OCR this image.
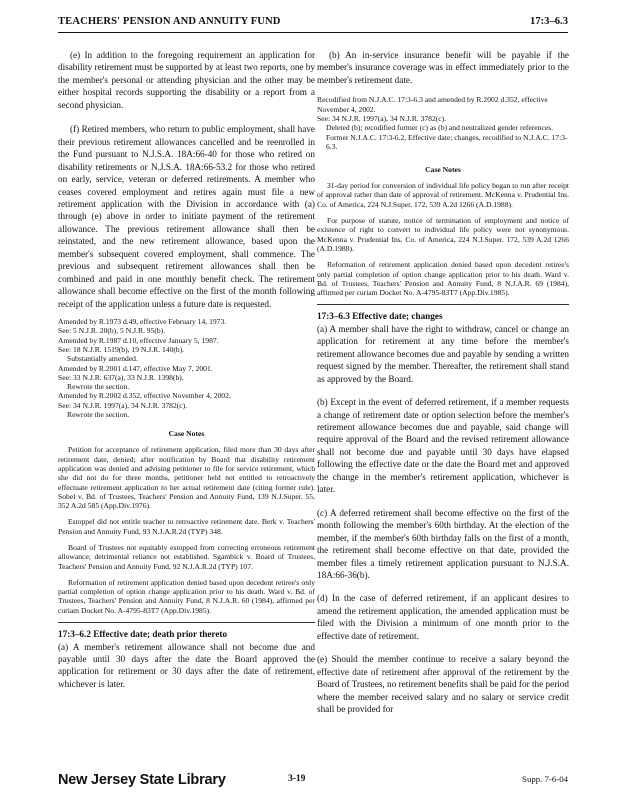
TEACHERS' PENSION AND ANNUITY FUND	17:3–6.3

(e) In addition to the foregoing requirement an application for disability retirement must be supported by at least two reports, one by the member's personal or attending physician and the other may be either hospital records supporting the disability or a report from a second physician.

(f) Retired members, who return to public employment, shall have their previous retirement allowances cancelled and be reenrolled in the Fund pursuant to N.J.S.A. 18A:66-40 for those who retired on disability retirements or N.J.S.A. 18A:66-53.2 for those who retired on early, service, veteran or deferred retirements. A member who ceases covered employment and retires again must file a new retirement application with the Division in accordance with (a) through (e) above in order to initiate payment of the retirement allowance. The previous retirement allowance shall then be reinstated, and the new retirement allowance, based upon the member's subsequent covered employment, shall commence. The previous and subsequent retirement allowances shall then be combined and paid in one monthly benefit check. The retirement allowance shall become effective on the first of the month following receipt of the application unless a future date is requested.

Amended by R.1973 d.49, effective February 14, 1973.
See: 5 N.J.R. 20(b), 5 N.J.R. 95(b).
Amended by R.1987 d.10, effective January 5, 1987.
See: 18 N.J.R. 1519(b), 19 N.J.R. 140(b).
Substantially amended.
Amended by R.2001 d.147, effective May 7, 2001.
See: 33 N.J.R. 637(a), 33 N.J.R. 1398(b).
Rewrote the section.
Amended by R.2002 d.352, effective November 4, 2002.
See: 34 N.J.R. 1997(a), 34 N.J.R. 3782(c).
Rewrote the section.
Case Notes

Petition for acceptance of retirement application, filed more than 30 days after retirement date, denied; after notification by Board that disability retirement application was denied and advising petitioner to file for service retirement, which she did not do for three months, petitioner held not entitled to retroactively effectuate retirement application to her actual retirement date (citing former rule). Sobel v. Bd. of Trustees, Teachers' Pension and Annuity Fund, 139 N.J.Super. 55, 352 A.2d 585 (App.Div.1976).

Estoppel did not entitle teacher to retroactive retirement date. Berk v. Teachers' Pension and Annuity Fund, 93 N.J.A.R.2d (TYP) 348.

Board of Trustees not equitably estopped from correcting erroneous retirement allowance; detrimental reliance not established. Sgambick v. Board of Trustees, Teachers' Pension and Annuity Fund, 92 N.J.A.R.2d (TYP) 107.

Reformation of retirement application denied based upon decedent retiree's only partial completion of option change application prior to his death. Ward v. Bd. of Trustees, Teachers' Pension and Annuity Fund, 8 N.J.A.R. 60 (1984), affirmed per curiam Docket No. A-4795-83T7 (App.Div.1985).

17:3–6.2 Effective date; death prior thereto

(a) A member's retirement allowance shall not become due and payable until 30 days after the date the Board approved the application for retirement or 30 days after the date of retirement, whichever is later.

(b) An in-service insurance benefit will be payable if the member's insurance coverage was in effect immediately prior to the member's retirement date.

Recodified from N.J.A.C. 17:3-6.3 and amended by R.2002 d.352, effective November 4, 2002.
See: 34 N.J.R. 1997(a), 34 N.J.R. 3782(c).
Deleted (b); recodified former (c) as (b) and neutralized gender references. Former N.J.A.C. 17:3-6.2, Effective date; changes, recodified to N.J.A.C. 17:3-6.3.
Case Notes

31-day period for conversion of individual life policy began to run after receipt of approval rather than date of approval of retirement. McKenna v. Prudential Ins. Co. of America, 224 N.J.Super. 172, 539 A.2d 1266 (A.D.1988).

For purpose of statute, notice of termination of employment and notice of existence of right to convert to individual life policy were not synonymous. McKenna v. Prudential Ins. Co. of America, 224 N.J.Super. 172, 539 A.2d 1266 (A.D.1988).

Reformation of retirement application denied based upon decedent retiree's only partial completion of option change application prior to his death. Ward v. Bd. of Trustees, Teachers' Pension and Annuity Fund, 8 N.J.A.R. 69 (1984), affirmed per curiam Docket No. A-4795-83T7 (App.Div.1985).

17:3–6.3 Effective date; changes

(a) A member shall have the right to withdraw, cancel or change an application for retirement at any time before the member's retirement allowance becomes due and payable by sending a written request signed by the member. Thereafter, the retirement shall stand as approved by the Board.

(b) Except in the event of deferred retirement, if a member requests a change of retirement date or option selection before the member's retirement allowance becomes due and payable, said change will require approval of the Board and the revised retirement allowance shall not become due and payable until 30 days have elapsed following the effective date or the date the Board met and approved the change in the member's retirement application, whichever is later.

(c) A deferred retirement shall become effective on the first of the month following the member's 60th birthday. At the election of the member, if the member's 60th birthday falls on the first of a month, the retirement shall become effective on that date, provided the member files a timely retirement application pursuant to N.J.S.A. 18A:66-36(b).

(d) In the case of deferred retirement, if an applicant desires to amend the retirement application, the amended application must be filed with the Division a minimum of one month prior to the effective date of retirement.

(e) Should the member continue to receive a salary beyond the effective date of retirement after approval of the retirement by the Board of Trustees, no retirement benefits shall be paid for the period where the member received salary and no salary or service credit shall be provided for

New Jersey State Library	3-19	Supp. 7-6-04
